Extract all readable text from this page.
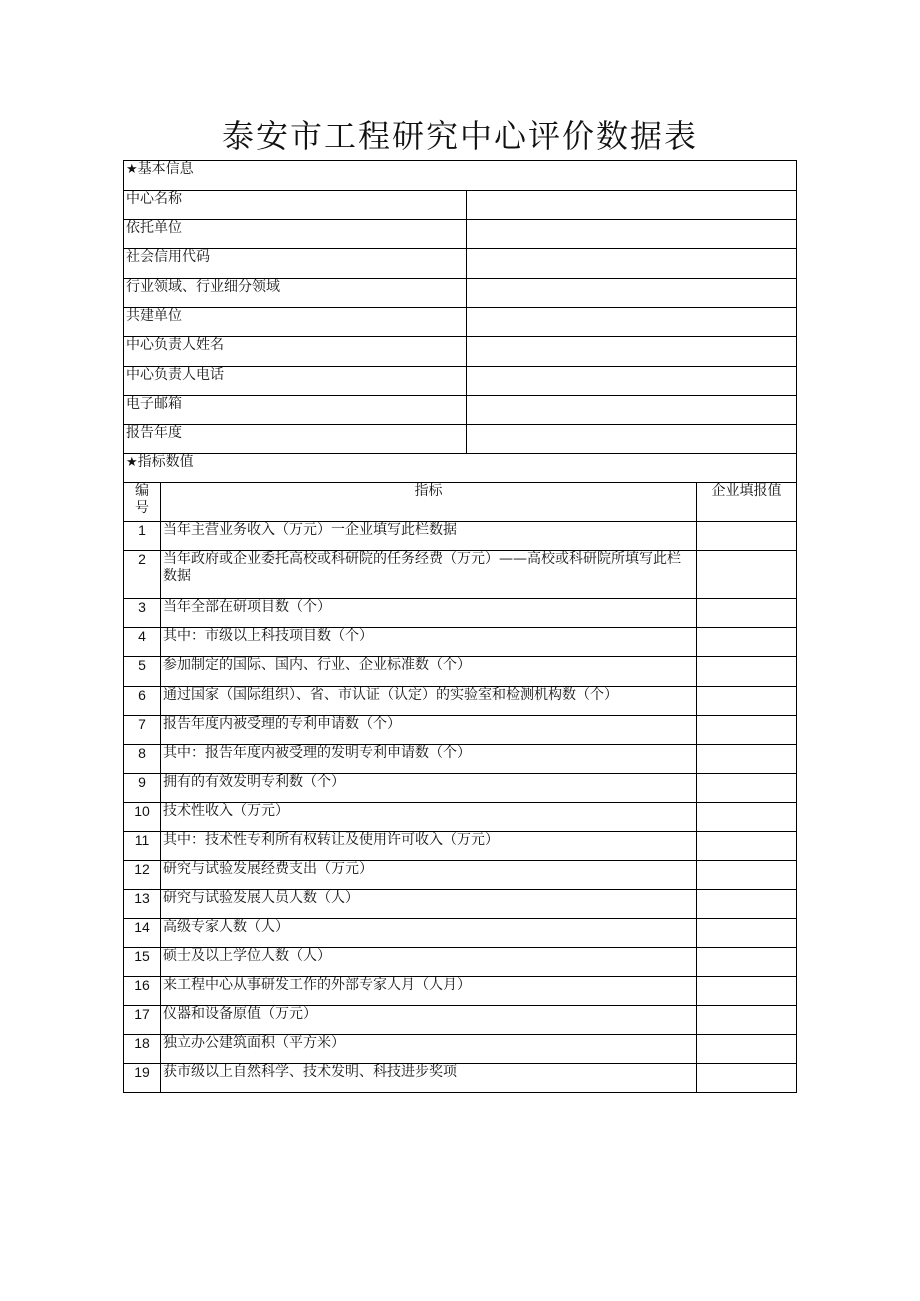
泰安市工程研究中心评价数据表
★基本信息			
中心名称			
依托单位			
社会信用代码			
行业领域、行业细分领域			
共建单位			
中心负责人姓名			
中心负责人电话			
电子邮箱			
报告年度			
★指标数值			
编
号	指标		企业填报值
1	当年主营业务收入（万元）一企业填写此栏数据		
2	当年政府或企业委托高校或科研院的任务经费（万元）——高校或科研院所填写此栏数据		
3	当年全部在研项目数（个）		
4	其中：市级以上科技项目数（个）		
5	参加制定的国际、国内、行业、企业标准数（个）		
6	通过国家（国际组织）、省、市认证（认定）的实验室和检测机构数（个）		
7	报告年度内被受理的专利申请数（个）		
8	其中：报告年度内被受理的发明专利申请数（个）		
9	拥有的有效发明专利数（个）		
10	技术性收入（万元）		
11	其中：技术性专利所有权转让及使用许可收入（万元）		
12	研究与试验发展经费支出（万元）		
13	研究与试验发展人员人数（人）		
14	高级专家人数（人）		
15	硕士及以上学位人数（人）		
16	来工程中心从事研发工作的外部专家人月（人月）		
17	仪器和设备原值（万元）		
18	独立办公建筑面积（平方米）		
19	获市级以上自然科学、技术发明、科技进步奖项		
